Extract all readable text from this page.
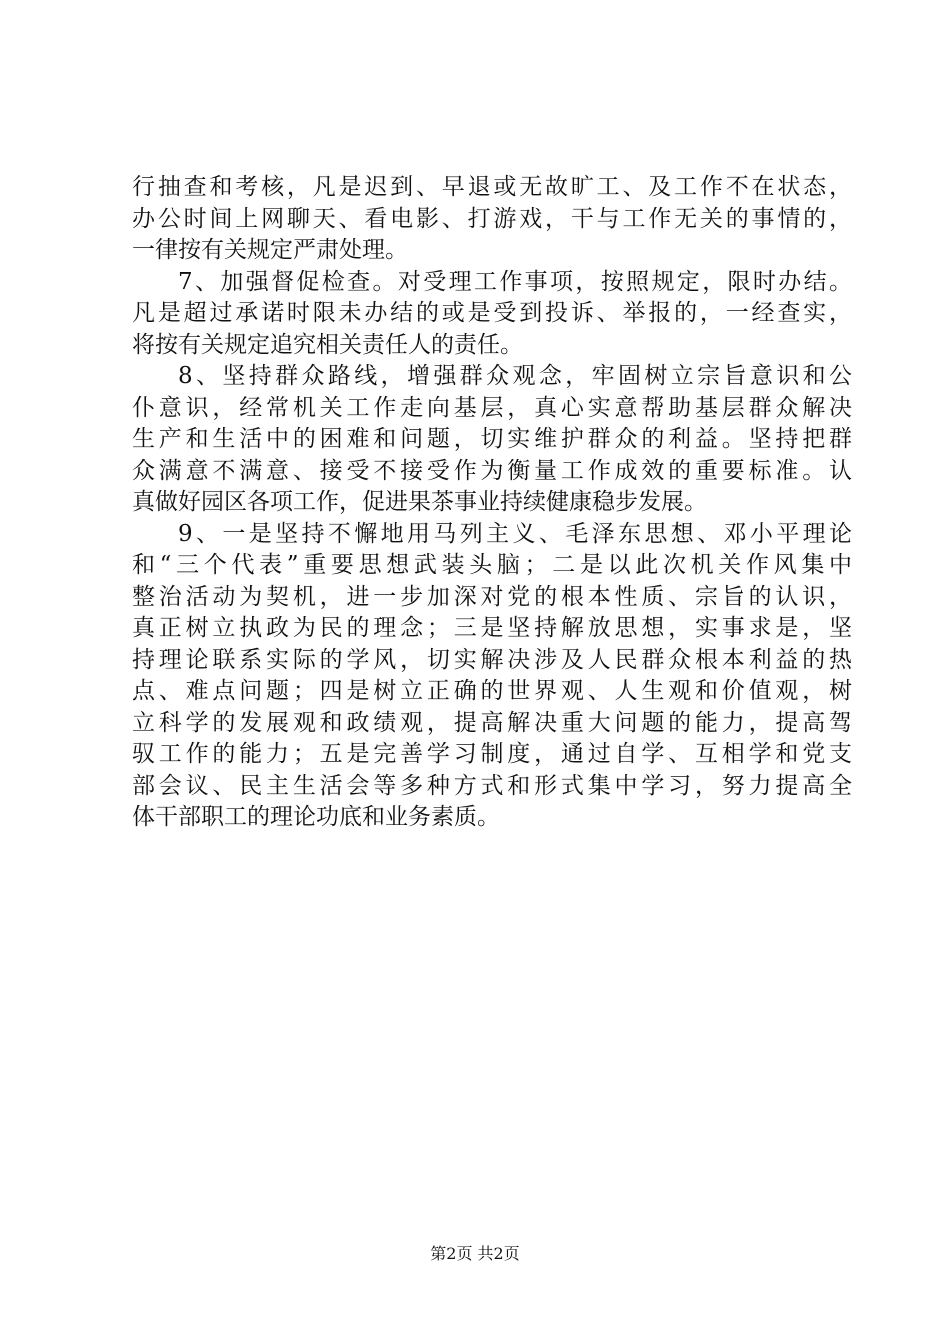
行抽查和考核，凡是迟到、早退或无故旷工、及工作不在状态，
办公时间上网聊天、看电影、打游戏，干与工作无关的事情的，
一律按有关规定严肃处理。
7、加强督促检查。对受理工作事项，按照规定，限时办结。
凡是超过承诺时限未办结的或是受到投诉、举报的，一经查实，
将按有关规定追究相关责任人的责任。
8、坚持群众路线，增强群众观念，牢固树立宗旨意识和公
仆意识，经常机关工作走向基层，真心实意帮助基层群众解决
生产和生活中的困难和问题，切实维护群众的利益。坚持把群
众满意不满意、接受不接受作为衡量工作成效的重要标准。认
真做好园区各项工作，促进果茶事业持续健康稳步发展。
9、一是坚持不懈地用马列主义、毛泽东思想、邓小平理论
和“三个代表”重要思想武装头脑；二是以此次机关作风集中
整治活动为契机，进一步加深对党的根本性质、宗旨的认识，
真正树立执政为民的理念；三是坚持解放思想，实事求是，坚
持理论联系实际的学风，切实解决涉及人民群众根本利益的热
点、难点问题；四是树立正确的世界观、人生观和价值观，树
立科学的发展观和政绩观，提高解决重大问题的能力，提高驾
驭工作的能力；五是完善学习制度，通过自学、互相学和党支
部会议、民主生活会等多种方式和形式集中学习，努力提高全
体干部职工的理论功底和业务素质。
第2页 共2页
